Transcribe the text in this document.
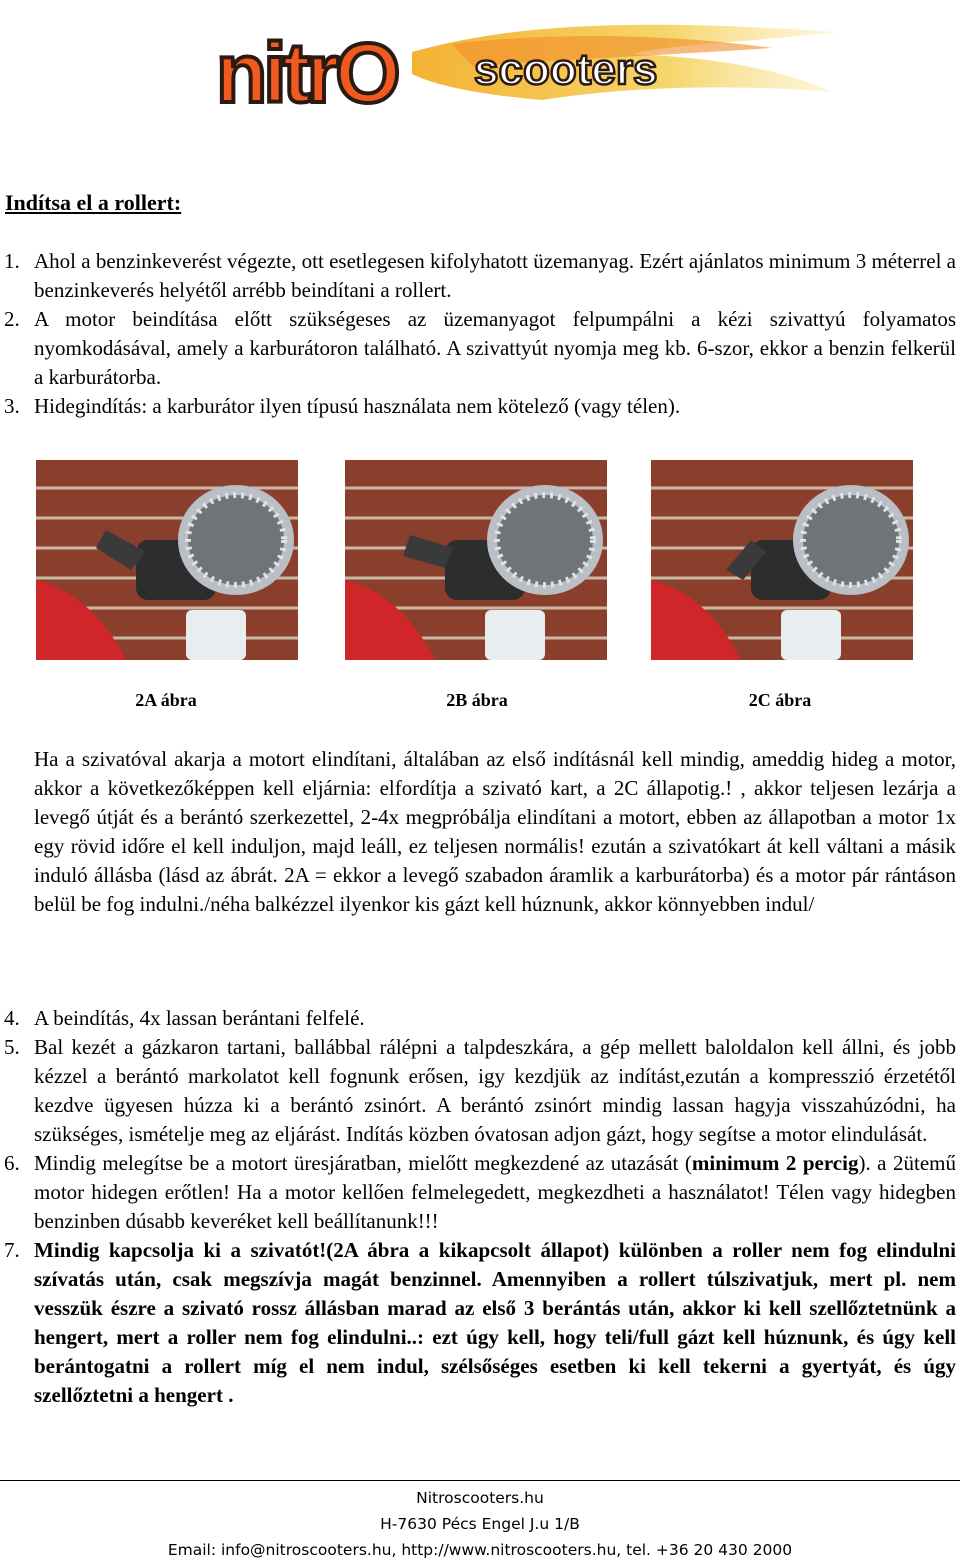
nitrO scooters
Indítsa el a rollert:
1. Ahol a benzinkeverést végezte, ott esetlegesen kifolyhatott üzemanyag. Ezért ajánlatos minimum 3 méterrel a benzinkeverés helyétől arrébb beindítani a rollert.
2. A motor beindítása előtt szükségeses az üzemanyagot felpumpálni a kézi szivattyú folyamatos nyomkodásával, amely a karburátoron található. A szivattyút nyomja meg kb. 6-szor, ekkor a benzin felkerül a karburátorba.
3. Hidegindítás: a karburátor ilyen típusú használata nem kötelező (vagy télen).
2A ábra	2B ábra	2C ábra

Ha a szivatóval akarja a motort elindítani, általában az első indításnál kell mindig, ameddig hideg a motor, akkor a következőképpen kell eljárnia: elfordítja a szivató kart, a 2C állapotig.! , akkor teljesen lezárja a levegő útját és a berántó szerkezettel, 2-4x megpróbálja elindítani a motort, ebben az állapotban a motor 1x egy rövid időre el kell induljon, majd leáll, ez teljesen normális! ezután a szivatókart át kell váltani a másik induló állásba (lásd az ábrát. 2A = ekkor a levegő szabadon áramlik a karburátorba) és a motor pár rántáson belül be fog indulni./néha balkézzel ilyenkor kis gázt kell húznunk, akkor könnyebben indul/

4. A beindítás, 4x lassan berántani felfelé.
5. Bal kezét a gázkaron tartani, ballábbal rálépni a talpdeszkára, a gép mellett baloldalon kell állni, és jobb kézzel a berántó markolatot kell fognunk erősen, igy kezdjük az indítást,ezután a kompresszió érzetétől kezdve ügyesen húzza ki a berántó zsinórt. A berántó zsinórt mindig lassan hagyja visszahúzódni, ha szükséges, ismételje meg az eljárást. Indítás közben óvatosan adjon gázt, hogy segítse a motor elindulását.
6. Mindig melegítse be a motort üresjáratban, mielőtt megkezdené az utazását (minimum 2 percig). a 2ütemű motor hidegen erőtlen! Ha a motor kellően felmelegedett, megkezdheti a használatot! Télen vagy hidegben benzinben dúsabb keveréket kell beállítanunk!!!
7. Mindig kapcsolja ki a szivatót!(2A ábra a kikapcsolt állapot) különben a roller nem fog elindulni szívatás után, csak megszívja magát benzinnel. Amennyiben a rollert túlszivatjuk, mert pl. nem vesszük észre a szivató rossz állásban marad az első 3 berántás után, akkor ki kell szellőztetnünk a hengert, mert a roller nem fog elindulni..: ezt úgy kell, hogy teli/full gázt kell húznunk, és úgy kell berántogatni a rollert míg el nem indul, szélsőséges esetben ki kell tekerni a gyertyát, és úgy szellőztetni a hengert .
Nitroscooters.hu
H-7630 Pécs Engel J.u 1/B
Email: info@nitroscooters.hu, http://www.nitroscooters.hu, tel. +36 20 430 2000
